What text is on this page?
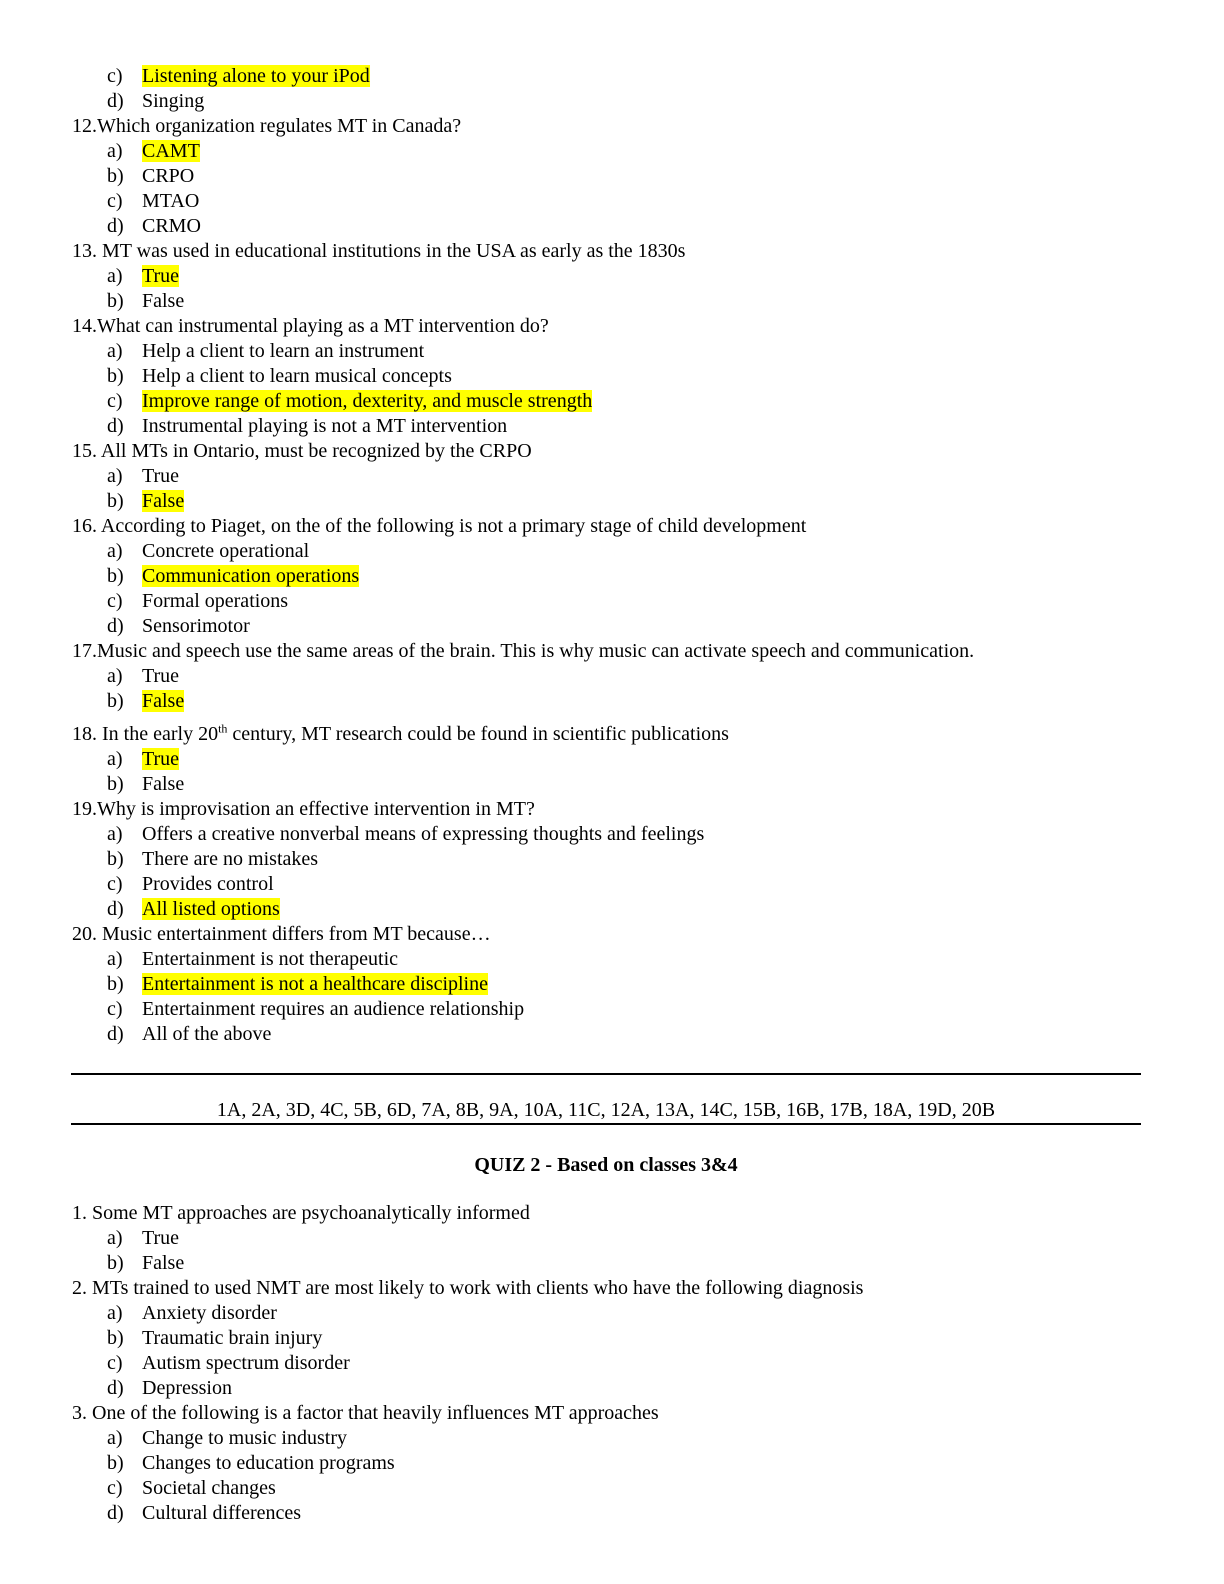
c) Listening alone to your iPod
d) Singing
12.Which organization regulates MT in Canada?
a) CAMT
b) CRPO
c) MTAO
d) CRMO
13. MT was used in educational institutions in the USA as early as the 1830s
a) True
b) False
14.What can instrumental playing as a MT intervention do?
a) Help a client to learn an instrument
b) Help a client to learn musical concepts
c) Improve range of motion, dexterity, and muscle strength
d) Instrumental playing is not a MT intervention
15. All MTs in Ontario, must be recognized by the CRPO
a) True
b) False
16. According to Piaget, on the of the following is not a primary stage of child development
a) Concrete operational
b) Communication operations
c) Formal operations
d) Sensorimotor
17.Music and speech use the same areas of the brain. This is why music can activate speech and communication.
a) True
b) False
18. In the early 20th century, MT research could be found in scientific publications
a) True
b) False
19.Why is improvisation an effective intervention in MT?
a) Offers a creative nonverbal means of expressing thoughts and feelings
b) There are no mistakes
c) Provides control
d) All listed options
20. Music entertainment differs from MT because…
a) Entertainment is not therapeutic
b) Entertainment is not a healthcare discipline
c) Entertainment requires an audience relationship
d) All of the above
1A, 2A, 3D, 4C, 5B, 6D, 7A, 8B, 9A, 10A, 11C, 12A, 13A, 14C, 15B, 16B, 17B, 18A, 19D, 20B
QUIZ 2 - Based on classes 3&4
1. Some MT approaches are psychoanalytically informed
a) True
b) False
2. MTs trained to used NMT are most likely to work with clients who have the following diagnosis
a) Anxiety disorder
b) Traumatic brain injury
c) Autism spectrum disorder
d) Depression
3. One of the following is a factor that heavily influences MT approaches
a) Change to music industry
b) Changes to education programs
c) Societal changes
d) Cultural differences
